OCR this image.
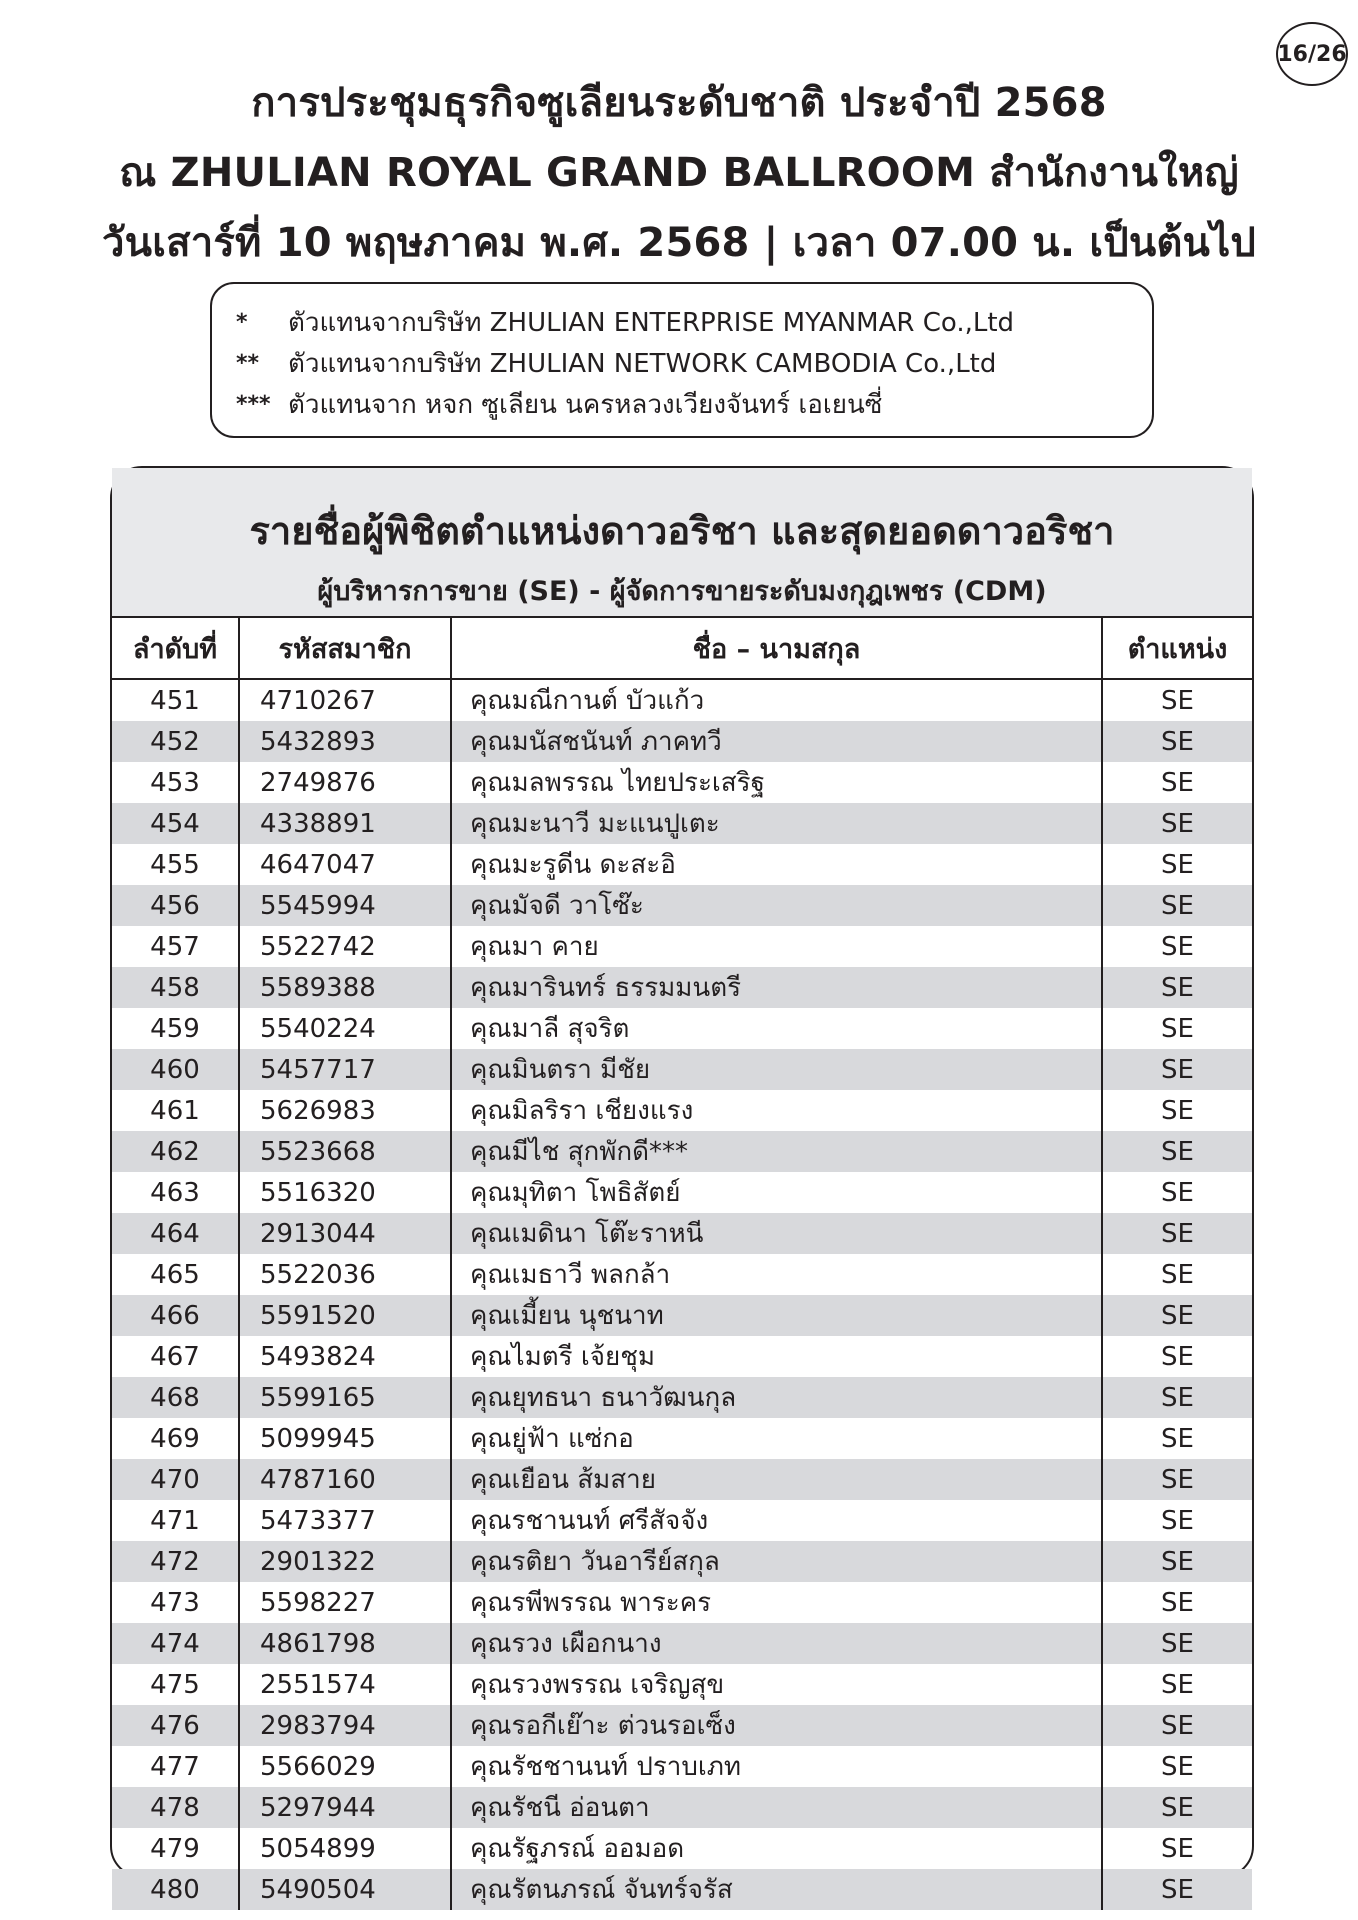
16/26
การประชุมธุรกิจซูเลียนระดับชาติ ประจำปี 2568
ณ ZHULIAN ROYAL GRAND BALLROOM สำนักงานใหญ่
วันเสาร์ที่ 10 พฤษภาคม พ.ศ. 2568 | เวลา 07.00 น. เป็นต้นไป
*	ตัวแทนจากบริษัท ZHULIAN ENTERPRISE MYANMAR Co.,Ltd
**	ตัวแทนจากบริษัท ZHULIAN NETWORK CAMBODIA Co.,Ltd
*** ตัวแทนจาก หจก ซูเลียน นครหลวงเวียงจันทร์ เอเยนซี่
รายชื่อผู้พิชิตตำแหน่งดาวอริชา และสุดยอดดาวอริชา
ผู้บริหารการขาย (SE) - ผู้จัดการขายระดับมงกุฎเพชร (CDM)
ลำดับที่	รหัสสมาชิก	ชื่อ – นามสกุล	ตำแหน่ง
451	4710267	คุณมณีกานต์ บัวแก้ว	SE
452	5432893	คุณมนัสชนันท์ ภาคทวี	SE
453	2749876	คุณมลพรรณ ไทยประเสริฐ	SE
454	4338891	คุณมะนาวี มะแนปูเตะ	SE
455	4647047	คุณมะรูดีน ดะสะอิ	SE
456	5545994	คุณมัจดี วาโซ๊ะ	SE
457	5522742	คุณมา คาย	SE
458	5589388	คุณมารินทร์ ธรรมมนตรี	SE
459	5540224	คุณมาลี สุจริต	SE
460	5457717	คุณมินตรา มีชัย	SE
461	5626983	คุณมิลริรา เชียงแรง	SE
462	5523668	คุณมีไช สุกพักดี***	SE
463	5516320	คุณมุทิตา โพธิสัตย์	SE
464	2913044	คุณเมดินา โต๊ะราหนี	SE
465	5522036	คุณเมธาวี พลกล้า	SE
466	5591520	คุณเมี้ยน นุชนาท	SE
467	5493824	คุณไมตรี เจ้ยชุม	SE
468	5599165	คุณยุทธนา ธนาวัฒนกุล	SE
469	5099945	คุณยู่ฟ้า แซ่กอ	SE
470	4787160	คุณเยือน ส้มสาย	SE
471	5473377	คุณรชานนท์ ศรีสัจจัง	SE
472	2901322	คุณรติยา วันอารีย์สกุล	SE
473	5598227	คุณรพีพรรณ พาระคร	SE
474	4861798	คุณรวง เผือกนาง	SE
475	2551574	คุณรวงพรรณ เจริญสุข	SE
476	2983794	คุณรอกีเย๊าะ ต่วนรอเซ็ง	SE
477	5566029	คุณรัชชานนท์ ปราบเภท	SE
478	5297944	คุณรัชนี อ่อนตา	SE
479	5054899	คุณรัฐภรณ์ ออมอด	SE
480	5490504	คุณรัตนภรณ์ จันทร์จรัส	SE
